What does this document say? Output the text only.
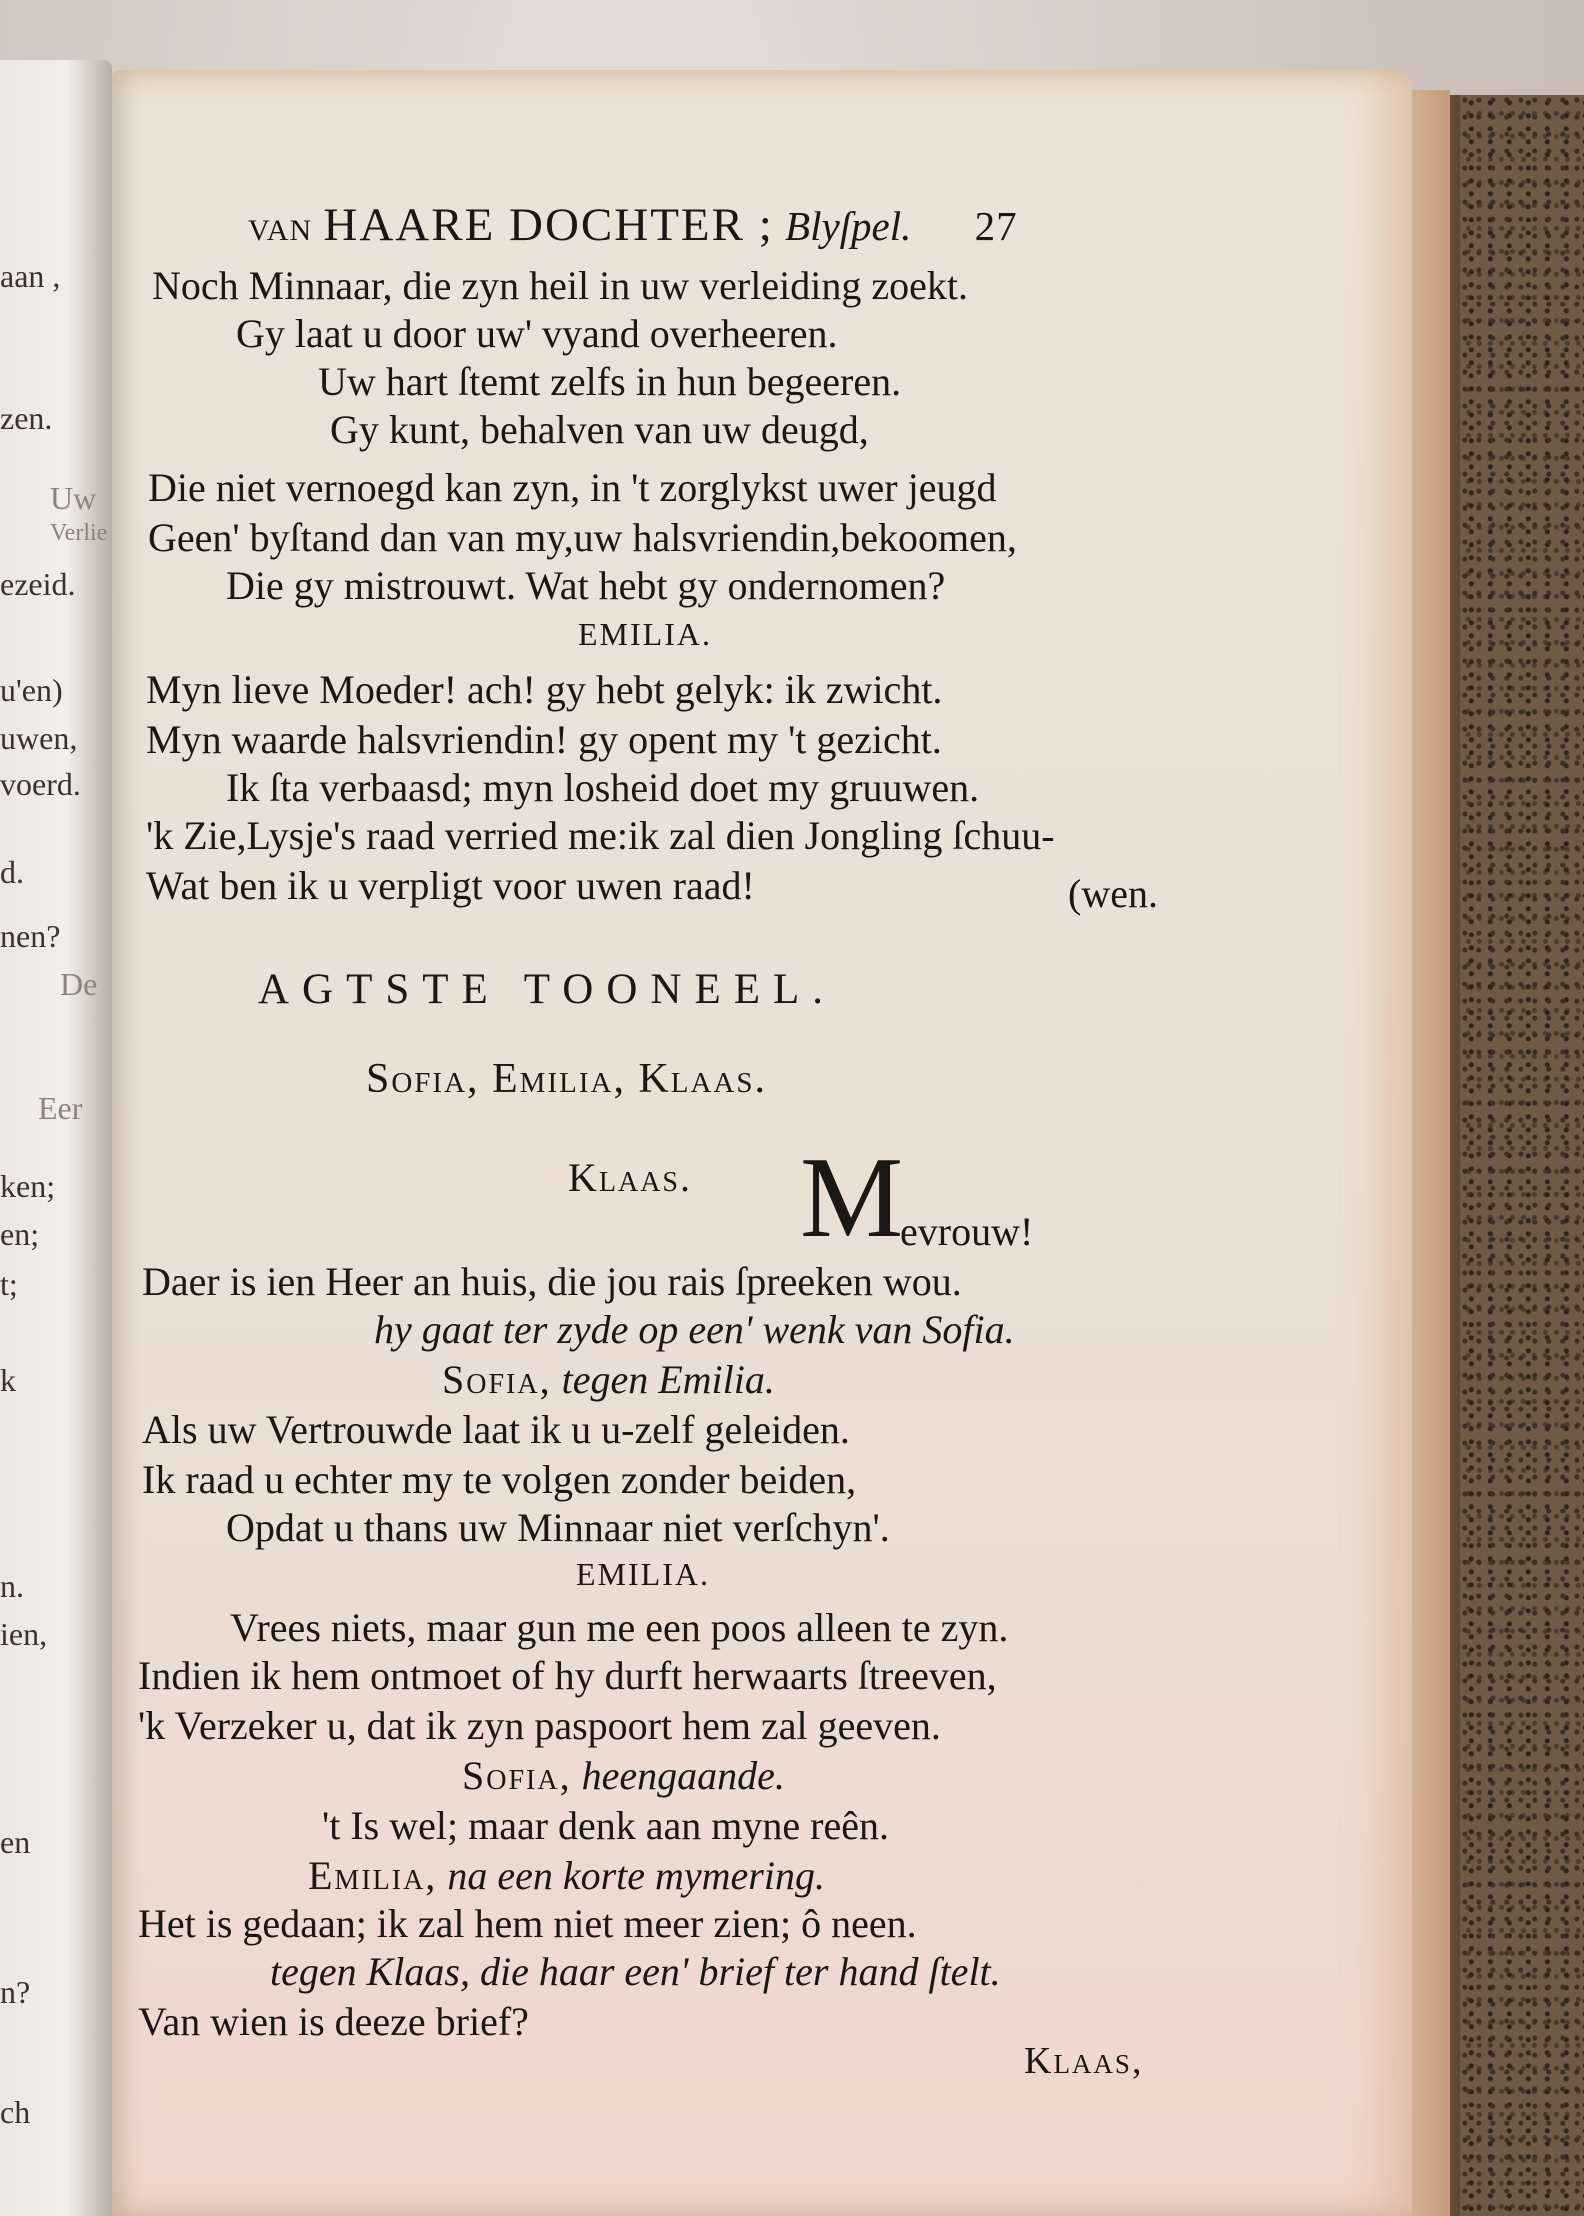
aan ,
zen.
Uw
Verlie
ezeid.
u'en)
uwen,
voerd.
d.
nen?
De
Eer
ken;
en;
t;
k
n.
ien,
en
n?
ch
VAN HAARE DOCHTER ; Blyſpel. 27
Noch Minnaar, die zyn heil in uw verleiding zoekt.
Gy laat u door uw' vyand overheeren.
Uw hart ſtemt zelfs in hun begeeren.
Gy kunt, behalven van uw deugd,
Die niet vernoegd kan zyn, in 't zorglykst uwer jeugd
Geen' byſtand dan van my,uw halsvriendin,bekoomen,
Die gy mistrouwt. Wat hebt gy ondernomen?
EMILIA.
Myn lieve Moeder! ach! gy hebt gelyk: ik zwicht.
Myn waarde halsvriendin! gy opent my 't gezicht.
Ik ſta verbaasd; myn losheid doet my gruuwen.
'k Zie,Lysje's raad verried me:ik zal dien Jongling ſchuu-
Wat ben ik u verpligt voor uwen raad!	(wen.
AGTSTE TOONEEL.
Sofia, Emilia, Klaas.
Klaas. M
evrouw!
Daer is ien Heer an huis, die jou rais ſpreeken wou.
hy gaat ter zyde op een' wenk van Sofia.
Sofia, tegen Emilia.
Als uw Vertrouwde laat ik u u-zelf geleiden.
Ik raad u echter my te volgen zonder beiden,
Opdat u thans uw Minnaar niet verſchyn'.
EMILIA.
Vrees niets, maar gun me een poos alleen te zyn.
Indien ik hem ontmoet of hy durft herwaarts ſtreeven,
'k Verzeker u, dat ik zyn paspoort hem zal geeven.
Sofia, heengaande.
't Is wel; maar denk aan myne reên.
Emilia, na een korte mymering.
Het is gedaan; ik zal hem niet meer zien; ô neen.
tegen Klaas, die haar een' brief ter hand ſtelt.
Van wien is deeze brief?
Klaas,
